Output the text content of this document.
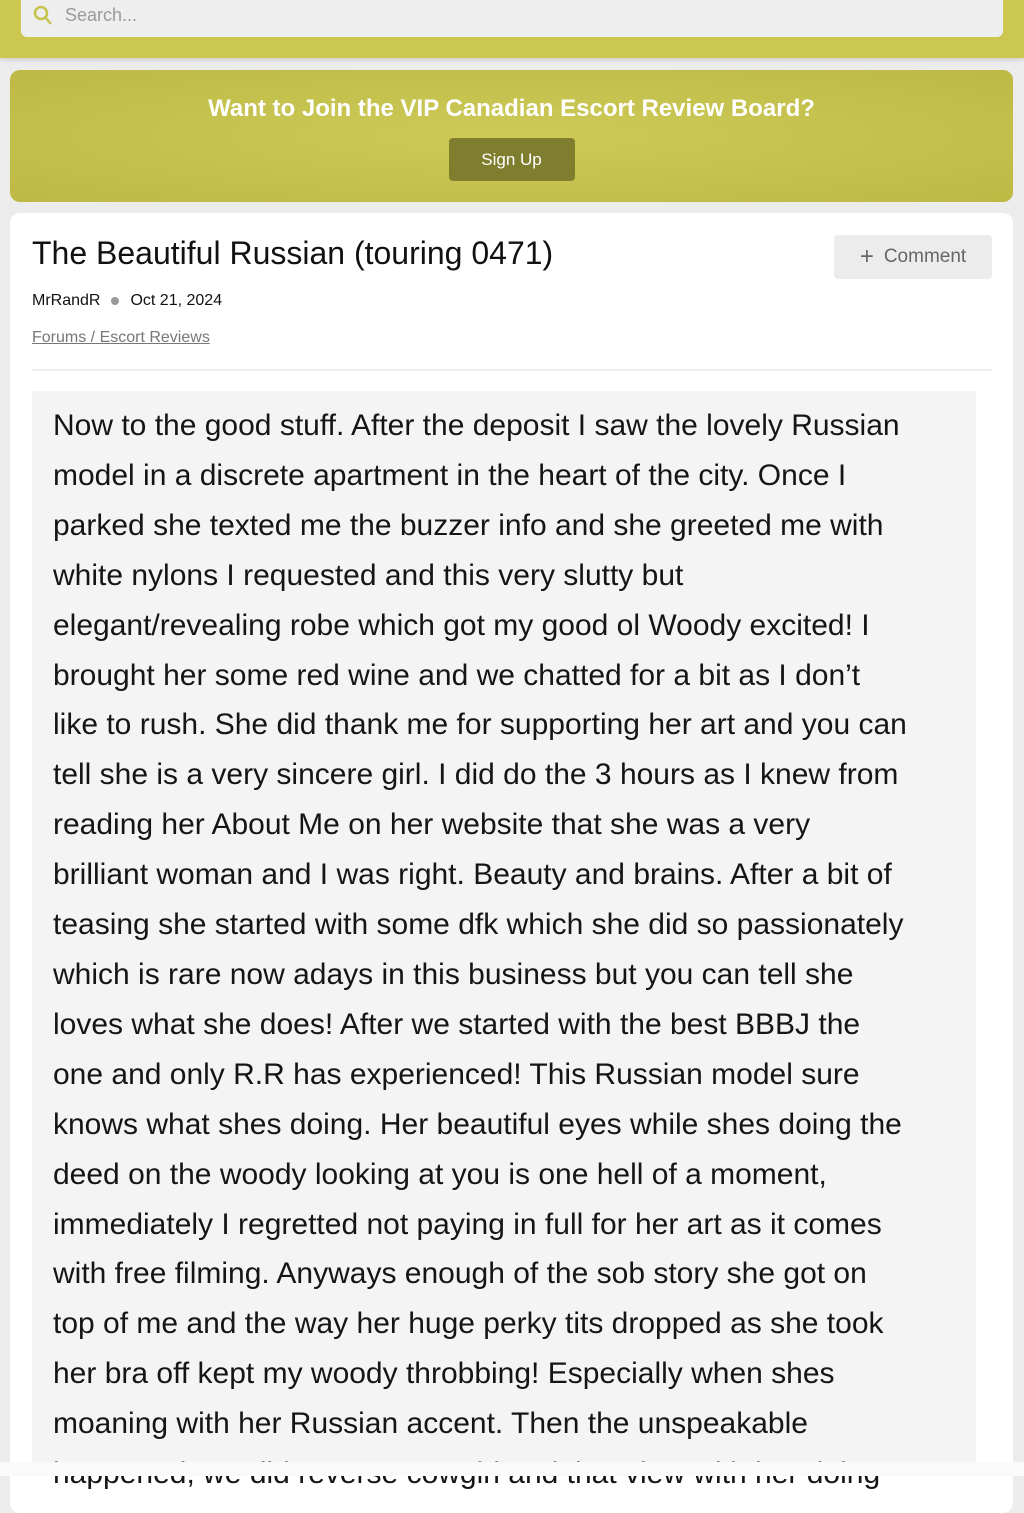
Search...
Want to Join the VIP Canadian Escort Review Board?
Sign Up
The Beautiful Russian (touring 0471)	+ Comment
MrRandR Oct 21, 2024
Forums / Escort Reviews

Now to the good stuff. After the deposit I saw the lovely Russian
model in a discrete apartment in the heart of the city. Once I
parked she texted me the buzzer info and she greeted me with
white nylons I requested and this very slutty but
elegant/revealing robe which got my good ol Woody excited! I
brought her some red wine and we chatted for a bit as I don’t
like to rush. She did thank me for supporting her art and you can
tell she is a very sincere girl. I did do the 3 hours as I knew from
reading her About Me on her website that she was a very
brilliant woman and I was right. Beauty and brains. After a bit of
teasing she started with some dfk which she did so passionately
which is rare now adays in this business but you can tell she
loves what she does! After we started with the best BBBJ the
one and only R.R has experienced! This Russian model sure
knows what shes doing. Her beautiful eyes while shes doing the
deed on the woody looking at you is one hell of a moment,
immediately I regretted not paying in full for her art as it comes
with free filming. Anyways enough of the sob story she got on
top of me and the way her huge perky tits dropped as she took
her bra off kept my woody throbbing! Especially when shes
moaning with her Russian accent. Then the unspeakable
